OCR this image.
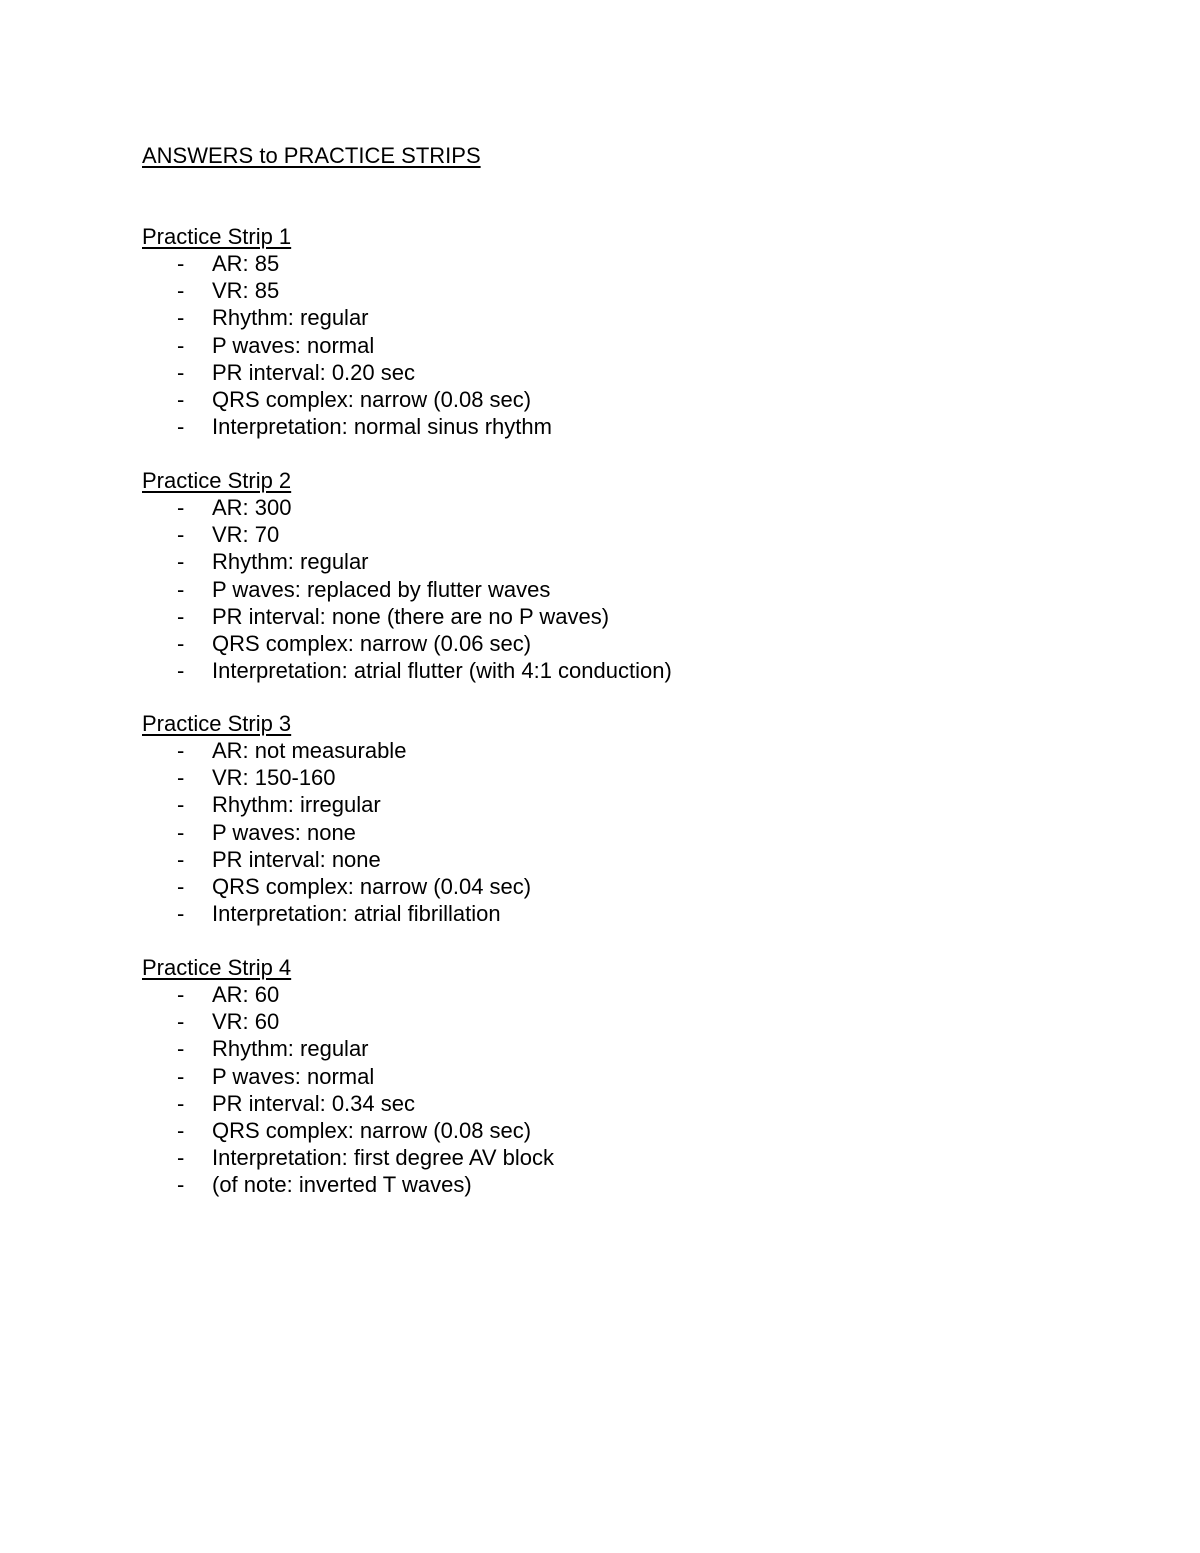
ANSWERS to PRACTICE STRIPS
Practice Strip 1
- AR: 85
- VR: 85
- Rhythm: regular
- P waves: normal
- PR interval: 0.20 sec
- QRS complex: narrow (0.08 sec)
- Interpretation: normal sinus rhythm
Practice Strip 2
- AR: 300
- VR: 70
- Rhythm: regular
- P waves: replaced by flutter waves
- PR interval: none (there are no P waves)
- QRS complex: narrow (0.06 sec)
- Interpretation: atrial flutter (with 4:1 conduction)
Practice Strip 3
- AR: not measurable
- VR: 150-160
- Rhythm: irregular
- P waves: none
- PR interval: none
- QRS complex: narrow (0.04 sec)
- Interpretation: atrial fibrillation
Practice Strip 4
- AR: 60
- VR: 60
- Rhythm: regular
- P waves: normal
- PR interval: 0.34 sec
- QRS complex: narrow (0.08 sec)
- Interpretation: first degree AV block
- (of note: inverted T waves)
